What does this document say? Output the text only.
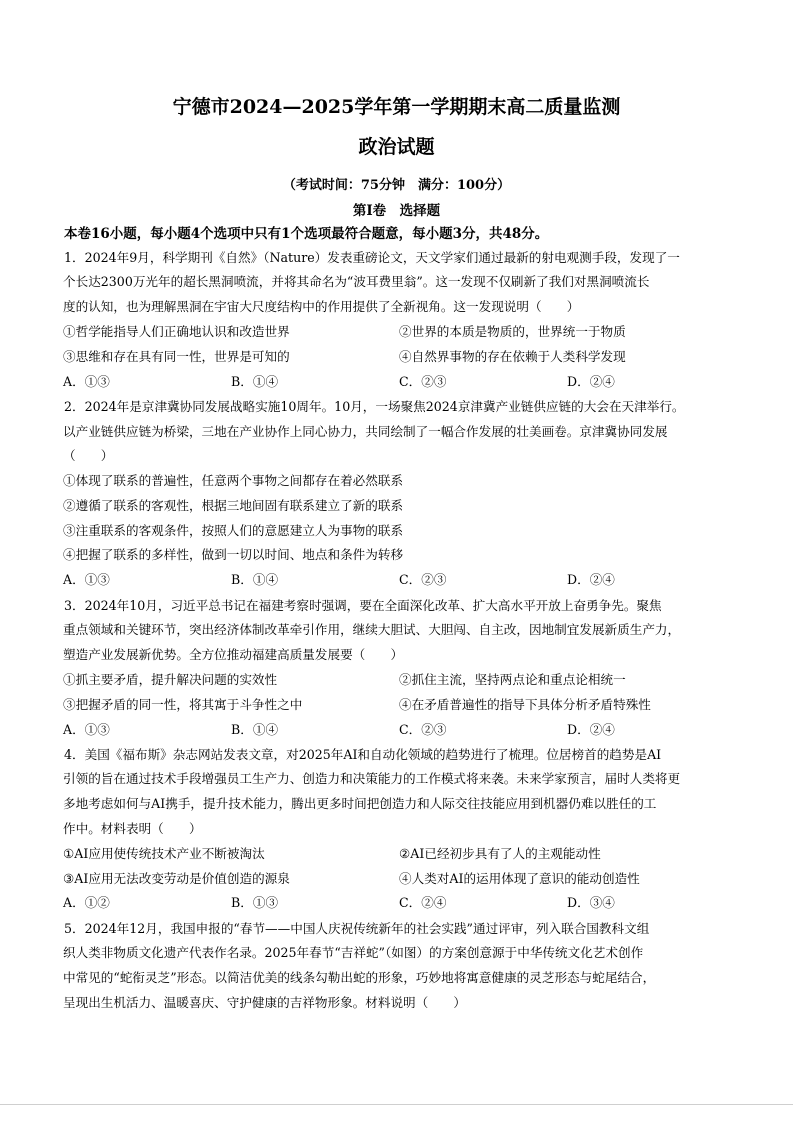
宁德市2024—2025学年第一学期期末高二质量监测
政治试题
（考试时间：75分钟　满分：100分）
第Ⅰ卷　选择题
本卷16小题，每小题4个选项中只有1个选项最符合题意，每小题3分，共48分。
1．2024年9月，科学期刊《自然》（Nature）发表重磅论文，天文学家们通过最新的射电观测手段，发现了一
个长达2300万光年的超长黑洞喷流，并将其命名为“波耳费里翁”。这一发现不仅刷新了我们对黑洞喷流长
度的认知，也为理解黑洞在宇宙大尺度结构中的作用提供了全新视角。这一发现说明（　　）
①哲学能指导人们正确地认识和改造世界	②世界的本质是物质的，世界统一于物质
③思维和存在具有同一性，世界是可知的	④自然界事物的存在依赖于人类科学发现
A．①③	B．①④	C．②③	D．②④
2．2024年是京津冀协同发展战略实施10周年。10月，一场聚焦2024京津冀产业链供应链的大会在天津举行。
以产业链供应链为桥梁，三地在产业协作上同心协力，共同绘制了一幅合作发展的壮美画卷。京津冀协同发展
（　　）
①体现了联系的普遍性，任意两个事物之间都存在着必然联系
②遵循了联系的客观性，根据三地间固有联系建立了新的联系
③注重联系的客观条件，按照人们的意愿建立人为事物的联系
④把握了联系的多样性，做到一切以时间、地点和条件为转移
A．①③	B．①④	C．②③	D．②④
3．2024年10月，习近平总书记在福建考察时强调，要在全面深化改革、扩大高水平开放上奋勇争先。聚焦
重点领域和关键环节，突出经济体制改革牵引作用，继续大胆试、大胆闯、自主改，因地制宜发展新质生产力，
塑造产业发展新优势。全方位推动福建高质量发展要（　　）
①抓主要矛盾，提升解决问题的实效性	②抓住主流，坚持两点论和重点论相统一
③把握矛盾的同一性，将其寓于斗争性之中	④在矛盾普遍性的指导下具体分析矛盾特殊性
A．①③	B．①④	C．②③	D．②④
4．美国《福布斯》杂志网站发表文章，对2025年AI和自动化领域的趋势进行了梳理。位居榜首的趋势是AI
引领的旨在通过技术手段增强员工生产力、创造力和决策能力的工作模式将来袭。未来学家预言，届时人类将更
多地考虑如何与AI携手，提升技术能力，腾出更多时间把创造力和人际交往技能应用到机器仍难以胜任的工
作中。材料表明（　　）
①AI应用使传统技术产业不断被淘汰	②AI已经初步具有了人的主观能动性
③AI应用无法改变劳动是价值创造的源泉	④人类对AI的运用体现了意识的能动创造性
A．①②	B．①③	C．②④	D．③④
5．2024年12月，我国申报的“春节——中国人庆祝传统新年的社会实践”通过评审，列入联合国教科文组
织人类非物质文化遗产代表作名录。2025年春节“吉祥蛇”（如图）的方案创意源于中华传统文化艺术创作
中常见的“蛇衔灵芝”形态。以简洁优美的线条勾勒出蛇的形象，巧妙地将寓意健康的灵芝形态与蛇尾结合，
呈现出生机活力、温暖喜庆、守护健康的吉祥物形象。材料说明（　　）
